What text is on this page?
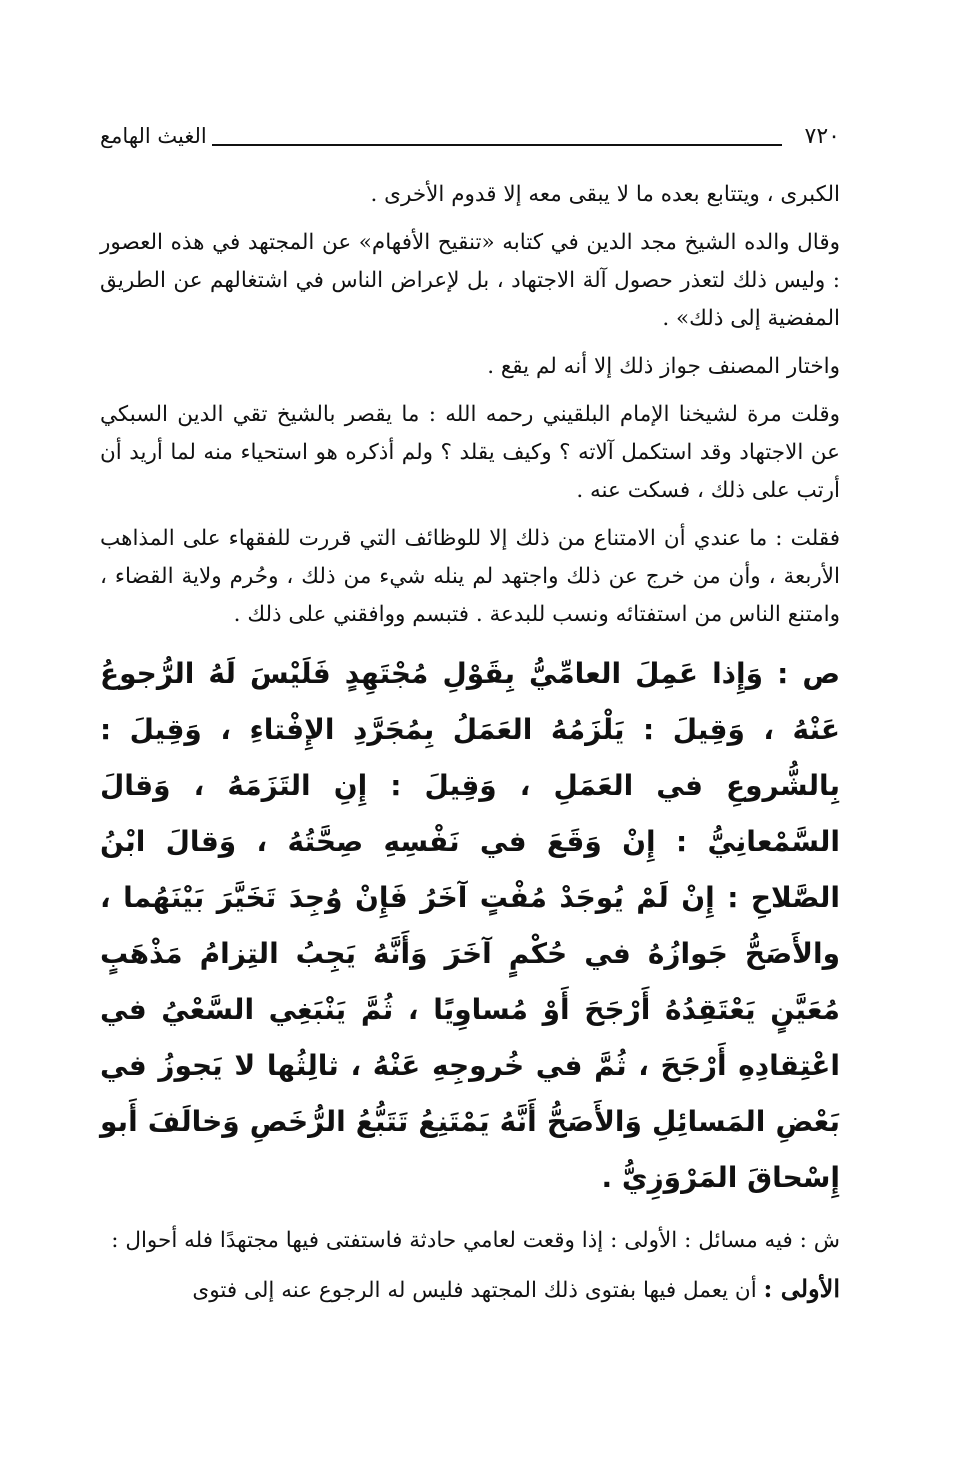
٧٢٠
الغيث الهامع

الكبرى ، ويتتابع بعده ما لا يبقى معه إلا قدوم الأخرى .

وقال والده الشيخ مجد الدين في كتابه «تنقيح الأفهام» عن المجتهد في هذه العصور : وليس ذلك لتعذر حصول آلة الاجتهاد ، بل لإعراض الناس في اشتغالهم عن الطريق المفضية إلى ذلك» .

واختار المصنف جواز ذلك إلا أنه لم يقع .

وقلت مرة لشيخنا الإمام البلقيني رحمه الله : ما يقصر بالشيخ تقي الدين السبكي عن الاجتهاد وقد استكمل آلاته ؟ وكيف يقلد ؟ ولم أذكره هو استحياء منه لما أريد أن أرتب على ذلك ، فسكت عنه .

فقلت : ما عندي أن الامتناع من ذلك إلا للوظائف التي قررت للفقهاء على المذاهب الأربعة ، وأن من خرج عن ذلك واجتهد لم ينله شيء من ذلك ، وحُرم ولاية القضاء ، وامتنع الناس من استفتائه ونسب للبدعة . فتبسم ووافقني على ذلك .

ص : وَإِذا عَمِلَ العامِّيُّ بِقَوْلِ مُجْتَهِدٍ فَلَيْسَ لَهُ الرُّجوعُ عَنْهُ ، وَقِيلَ : يَلْزَمُهُ العَمَلُ بِمُجَرَّدِ الإِفْتاءِ ، وَقِيلَ : بِالشُّروعِ في العَمَلِ ، وَقِيلَ : إِنِ التَزَمَهُ ، وَقالَ السَّمْعانِيُّ : إِنْ وَقَعَ في نَفْسِهِ صِحَّتُهُ ، وَقالَ ابْنُ الصَّلاحِ : إِنْ لَمْ يُوجَدْ مُفْتٍ آخَرُ فَإِنْ وُجِدَ تَخَيَّرَ بَيْنَهُما ، والأَصَحُّ جَوازُهُ في حُكْمٍ آخَرَ وَأَنَّهُ يَجِبُ التِزامُ مَذْهَبٍ مُعَيَّنٍ يَعْتَقِدُهُ أَرْجَحَ أَوْ مُساوِيًا ، ثُمَّ يَنْبَغِي السَّعْيُ في اعْتِقادِهِ أَرْجَحَ ، ثُمَّ في خُروجِهِ عَنْهُ ، ثالِثُها لا يَجوزُ في بَعْضِ المَسائِلِ وَالأَصَحُّ أَنَّهُ يَمْتَنِعُ تَتَبُّعُ الرُّخَصِ وَخالَفَ أَبو إِسْحاقَ المَرْوَزِيُّ .

ش : فيه مسائل : الأولى : إذا وقعت لعامي حادثة فاستفتى فيها مجتهدًا فله أحوال :

الأولى : أن يعمل فيها بفتوى ذلك المجتهد فليس له الرجوع عنه إلى فتوى
